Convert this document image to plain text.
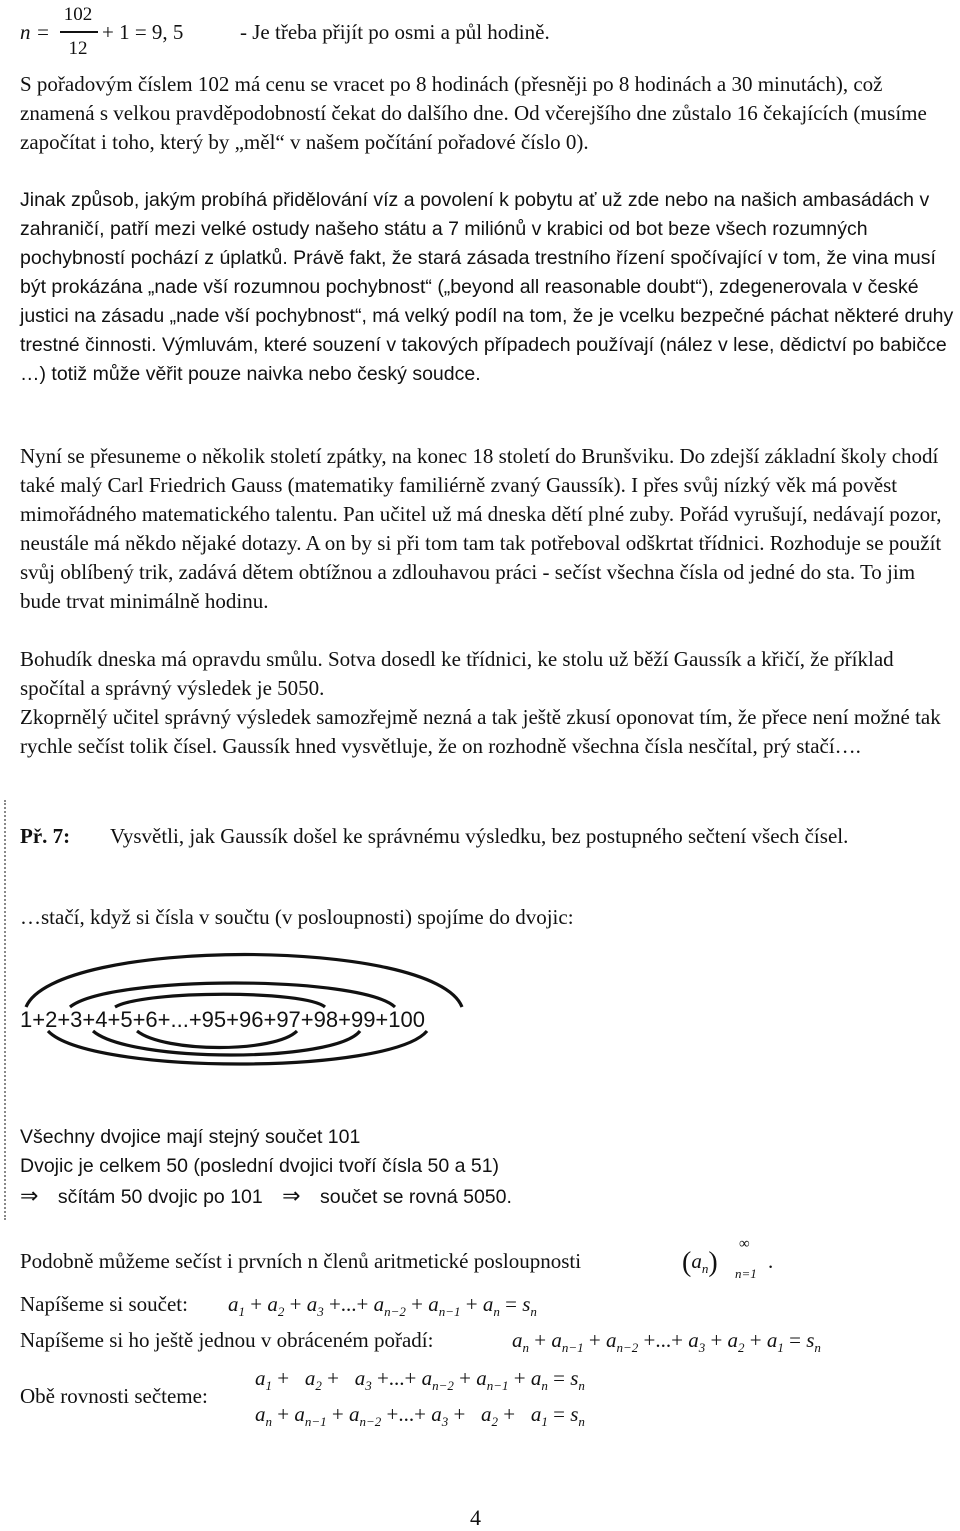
n =
102
12
+ 1 = 9, 5	- Je třeba přijít po osmi a půl hodině.
S pořadovým číslem 102 má cenu se vracet po 8 hodinách (přesněji po 8 hodinách a 30 minutách), což znamená s velkou pravděpodobností čekat do dalšího dne. Od včerejšího dne zůstalo 16 čekajících (musíme započítat i toho, který by „měl“ v našem počítání pořadové číslo 0).
Jinak způsob, jakým probíhá přidělování víz a povolení k pobytu ať už zde nebo na našich ambasádách v zahraničí, patří mezi velké ostudy našeho státu a 7 miliónů v krabici od bot beze všech rozumných pochybností pochází z úplatků. Právě fakt, že stará zásada trestního řízení spočívající v tom, že vina musí být prokázána „nade vší rozumnou pochybnost“ („beyond all reasonable doubt“), zdegenerovala v české justici na zásadu „nade vší pochybnost“, má velký podíl na tom, že je vcelku bezpečné páchat některé druhy trestné činnosti. Výmluvám, které souzení v takových případech používají (nález v lese, dědictví po babičce …) totiž může věřit pouze naivka nebo český soudce.
Nyní se přesuneme o několik století zpátky, na konec 18 století do Brunšviku. Do zdejší základní školy chodí také malý Carl Friedrich Gauss (matematiky familiérně zvaný Gaussík). I přes svůj nízký věk má pověst mimořádného matematického talentu. Pan učitel už má dneska dětí plné zuby. Pořád vyrušují, nedávají pozor, neustále má někdo nějaké dotazy. A on by si při tom tam tak potřeboval odškrtat třídnici. Rozhoduje se použít svůj oblíbený trik, zadává dětem obtížnou a zdlouhavou práci - sečíst všechna čísla od jedné do sta. To jim bude trvat minimálně hodinu.
Bohudík dneska má opravdu smůlu. Sotva dosedl ke třídnici, ke stolu už běží Gaussík a křičí, že příklad spočítal a správný výsledek je 5050.
Zkoprnělý učitel správný výsledek samozřejmě nezná a tak ještě zkusí oponovat tím, že přece není možné tak rychle sečíst tolik čísel. Gaussík hned vysvětluje, že on rozhodně všechna čísla nesčítal, prý stačí….
Př. 7: Vysvětli, jak Gaussík došel ke správnému výsledku, bez postupného sečtení všech čísel.
…stačí, když si čísla v součtu (v posloupnosti) spojíme do dvojic:
1+2+3+4+5+6+...+95+96+97+98+99+100
Všechny dvojice mají stejný součet 101
Dvojic je celkem 50 (poslední dvojici tvoří čísla 50 a 51)
⇒ sčítám 50 dvojic po 101 ⇒ součet se rovná 5050.
Podobně můžeme sečíst i prvních n členů aritmetické posloupnosti	$(a_n)$
∞
n=1
.
Napíšeme si součet: $a_1 + a_2 + a_3$ +...+ $a_{n-2} + a_{n-1} + a_n = s_n$
Napíšeme si ho ještě jednou v obráceném pořadí:	$a_n + a_{n-1} + a_{n-2}$ +...+ $a_3 + a_2 + a_1 = s_n$
Obě rovnosti sečteme:
$a_1 + a_2 + a_3$ +...+ $a_{n-2} + a_{n-1} + a_n = s_n$
$a_n + a_{n-1} + a_{n-2}$ +...+ $a_3 + a_2 + a_1 = s_n$
4
